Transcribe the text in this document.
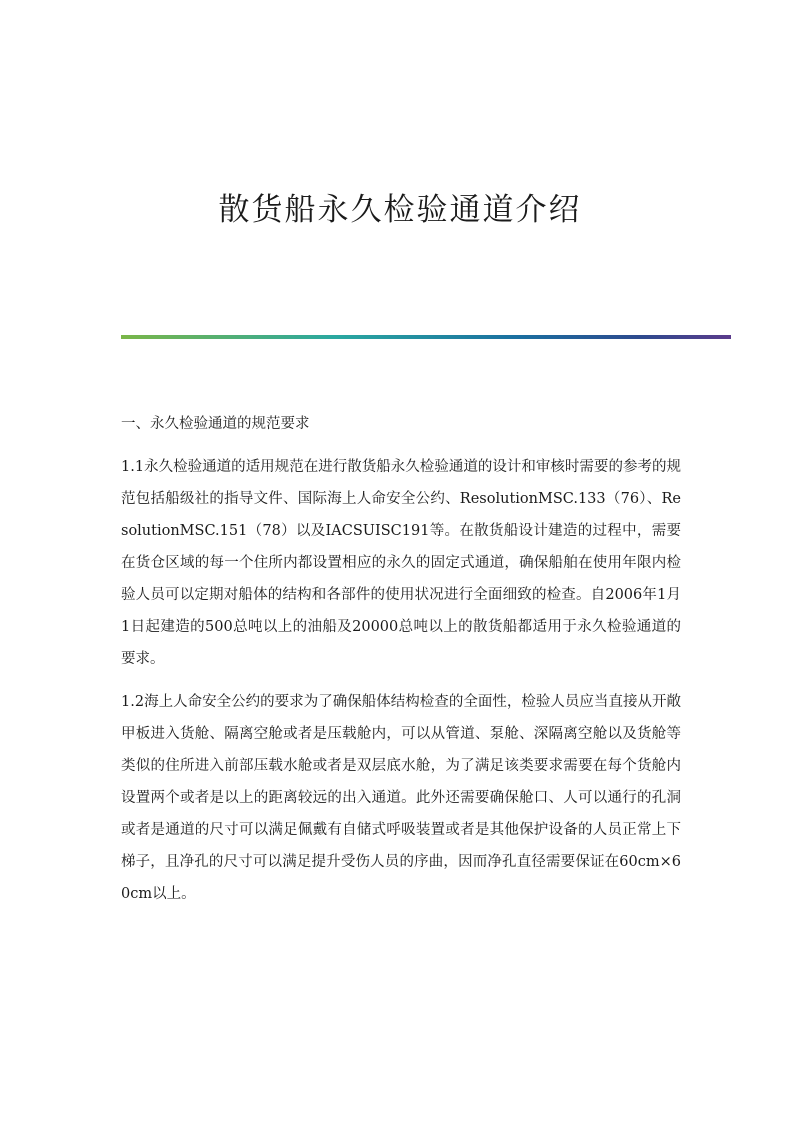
散货船永久检验通道介绍

一、永久检验通道的规范要求

1.1永久检验通道的适用规范在进行散货船永久检验通道的设计和审核时需要的参考的规范包括船级社的指导文件、国际海上人命安全公约、ResolutionMSC.133（76）、ResolutionMSC.151（78）以及IACSUISC191等。在散货船设计建造的过程中，需要在货仓区域的每一个住所内都设置相应的永久的固定式通道，确保船舶在使用年限内检验人员可以定期对船体的结构和各部件的使用状况进行全面细致的检查。自2006年1月1日起建造的500总吨以上的油船及20000总吨以上的散货船都适用于永久检验通道的要求。

1.2海上人命安全公约的要求为了确保船体结构检查的全面性，检验人员应当直接从开敞甲板进入货舱、隔离空舱或者是压载舱内，可以从管道、泵舱、深隔离空舱以及货舱等类似的住所进入前部压载水舱或者是双层底水舱，为了满足该类要求需要在每个货舱内设置两个或者是以上的距离较远的出入通道。此外还需要确保舱口、人可以通行的孔洞或者是通道的尺寸可以满足佩戴有自储式呼吸装置或者是其他保护设备的人员正常上下梯子，且净孔的尺寸可以满足提升受伤人员的序曲，因而净孔直径需要保证在60cm×60cm以上。
